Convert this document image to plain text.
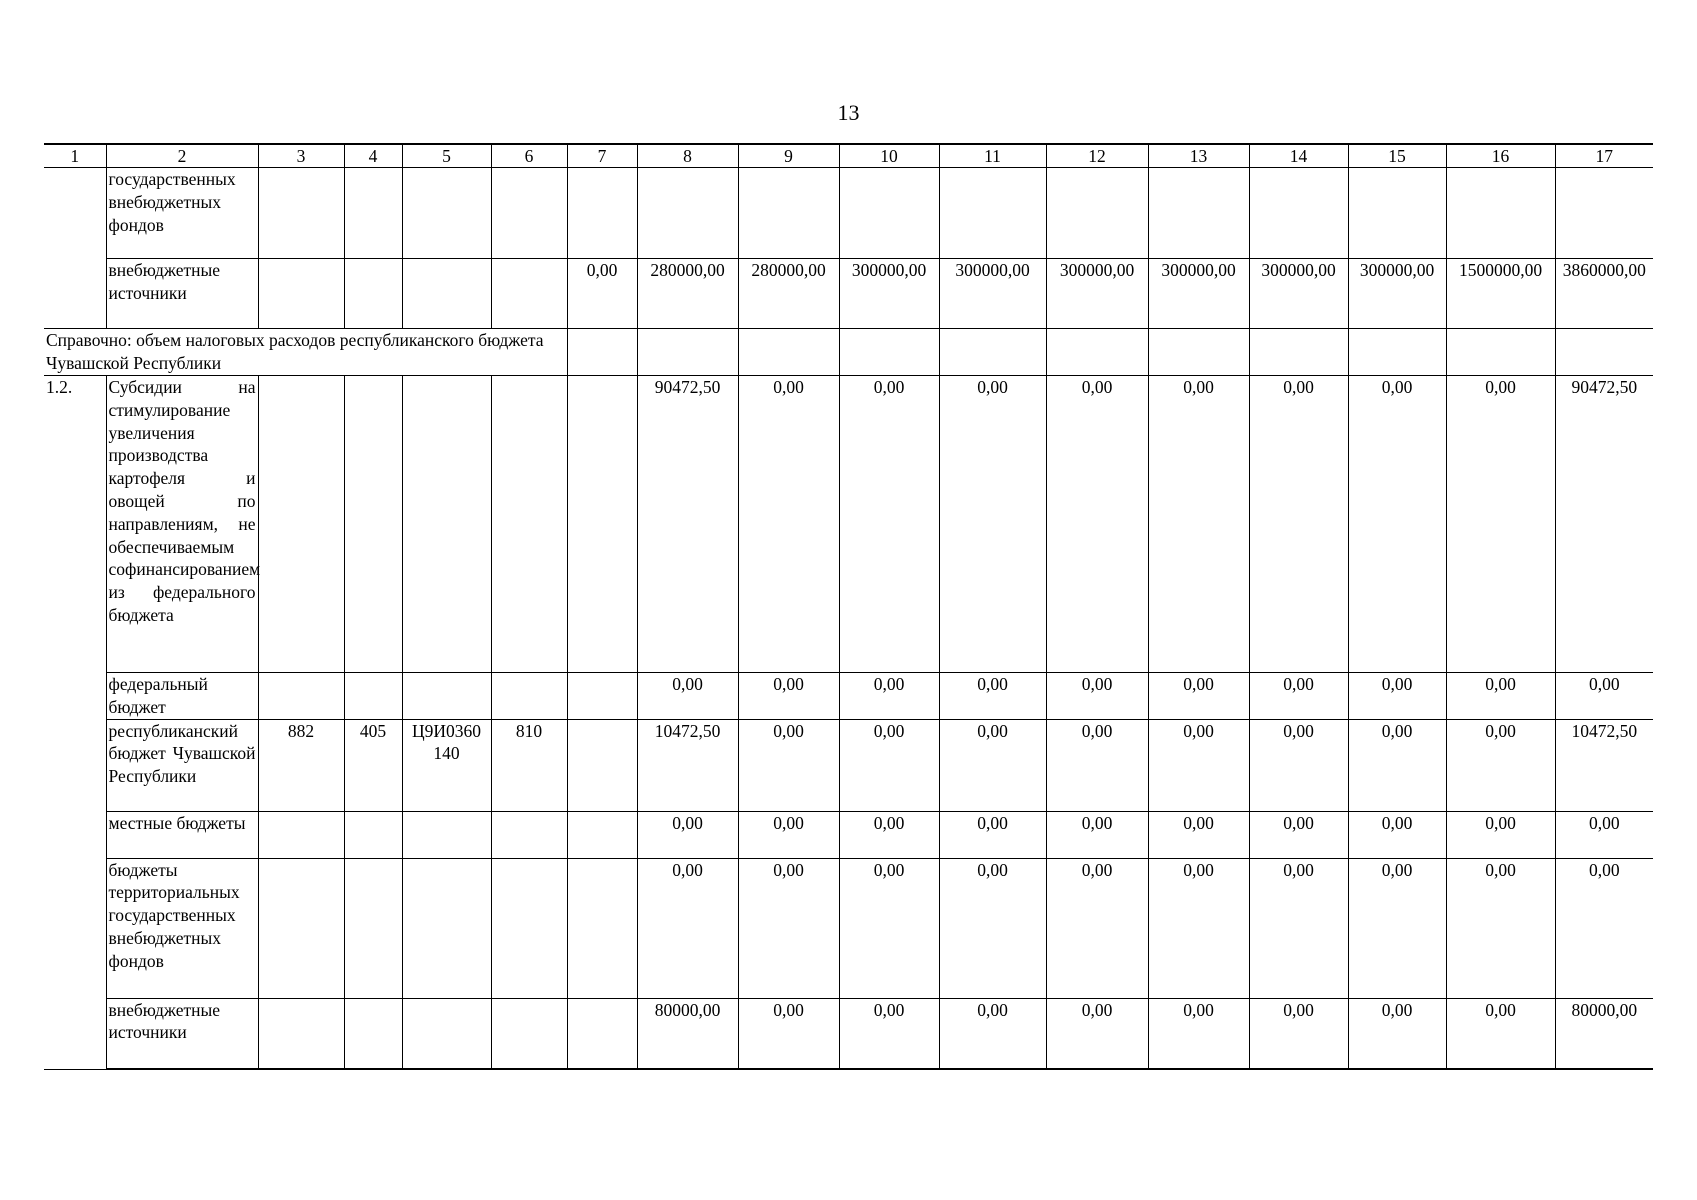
13
1	2	3	4	5	6	7	8	9	10	11	12	13	14	15	16	17
	государственных внебюджетных фондов															
	внебюджетные источники					0,00	280000,00	280000,00	300000,00	300000,00	300000,00	300000,00	300000,00	300000,00	1500000,00	3860000,00
Справочно: объем налоговых расходов республиканского бюджета Чувашской Республики																
1.2.	Субсидии на стимулирование увеличения производства картофеля и овощей по направлениям, не обеспечиваемым софинансированием из федерального бюджета						90472,50	0,00	0,00	0,00	0,00	0,00	0,00	0,00	0,00	90472,50
	федеральный бюджет						0,00	0,00	0,00	0,00	0,00	0,00	0,00	0,00	0,00	0,00
	республиканский бюджет Чувашской Республики	882	405	Ц9И0360140	810		10472,50	0,00	0,00	0,00	0,00	0,00	0,00	0,00	0,00	10472,50
	местные бюджеты						0,00	0,00	0,00	0,00	0,00	0,00	0,00	0,00	0,00	0,00
	бюджеты территориальных государственных внебюджетных фондов						0,00	0,00	0,00	0,00	0,00	0,00	0,00	0,00	0,00	0,00
	внебюджетные источники						80000,00	0,00	0,00	0,00	0,00	0,00	0,00	0,00	0,00	80000,00
